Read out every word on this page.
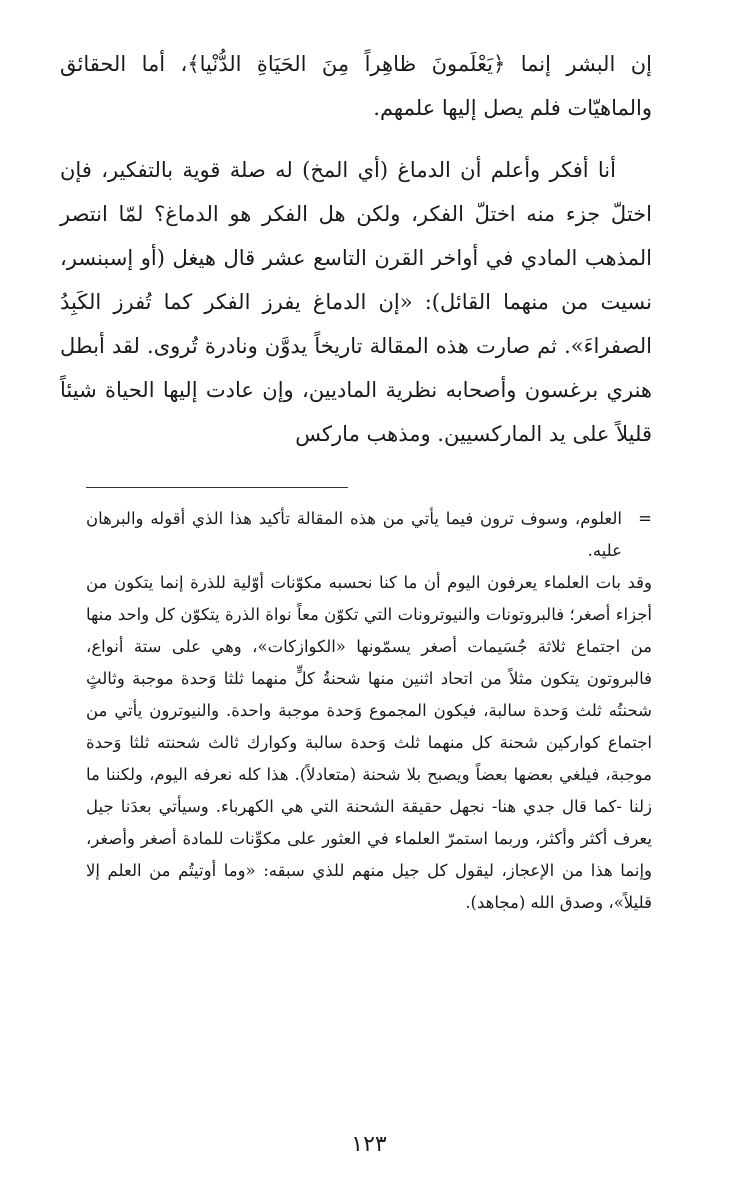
إن البشر إنما ﴿يَعْلَمونَ ظاهِراً مِنَ الحَيَاةِ الدُّنْيا﴾، أما الحقائق والماهيّات فلم يصل إليها علمهم.

أنا أفكر وأعلم أن الدماغ (أي المخ) له صلة قوية بالتفكير، فإن اختلّ جزء منه اختلّ الفكر، ولكن هل الفكر هو الدماغ؟ لمّا انتصر المذهب المادي في أواخر القرن التاسع عشر قال هيغل (أو إسبنسر، نسيت من منهما القائل): «إن الدماغ يفرز الفكر كما تُفرز الكَبِدُ الصفراءَ». ثم صارت هذه المقالة تاريخاً يدوَّن ونادرة تُروى. لقد أبطل هنري برغسون وأصحابه نظرية الماديين، وإن عادت إليها الحياة شيئاً قليلاً على يد الماركسيين. ومذهب ماركس

=
العلوم، وسوف ترون فيما يأتي من هذه المقالة تأكيد هذا الذي أقوله والبرهان عليه.

وقد بات العلماء يعرفون اليوم أن ما كنا نحسبه مكوّنات أوّلية للذرة إنما يتكون من أجزاء أصغر؛ فالبروتونات والنيوترونات التي تكوّن معاً نواة الذرة يتكوّن كل واحد منها من اجتماع ثلاثة جُسَيمات أصغر يسمّونها «الكوازكات»، وهي على ستة أنواع، فالبروتون يتكون مثلاً من اتحاد اثنين منها شحنةُ كلٍّ منهما ثلثا وَحدة موجبة وثالثٍ شحنتُه ثلث وَحدة سالبة، فيكون المجموع وَحدة موجبة واحدة. والنيوترون يأتي من اجتماع كواركين شحنة كل منهما ثلث وَحدة سالبة وكوارك ثالث شحنته ثلثا وَحدة موجبة، فيلغي بعضها بعضاً ويصبح بلا شحنة (متعادلاً). هذا كله نعرفه اليوم، ولكننا ما زلنا -كما قال جدي هنا- نجهل حقيقة الشحنة التي هي الكهرباء. وسيأتي بعدَنا جيل يعرف أكثر وأكثر، وربما استمرّ العلماء في العثور على مكوِّنات للمادة أصغر وأصغر، وإنما هذا من الإعجاز، ليقول كل جيل منهم للذي سبقه: «وما أوتيتُم من العلم إلا قليلاً»، وصدق الله (مجاهد).

١٢٣
